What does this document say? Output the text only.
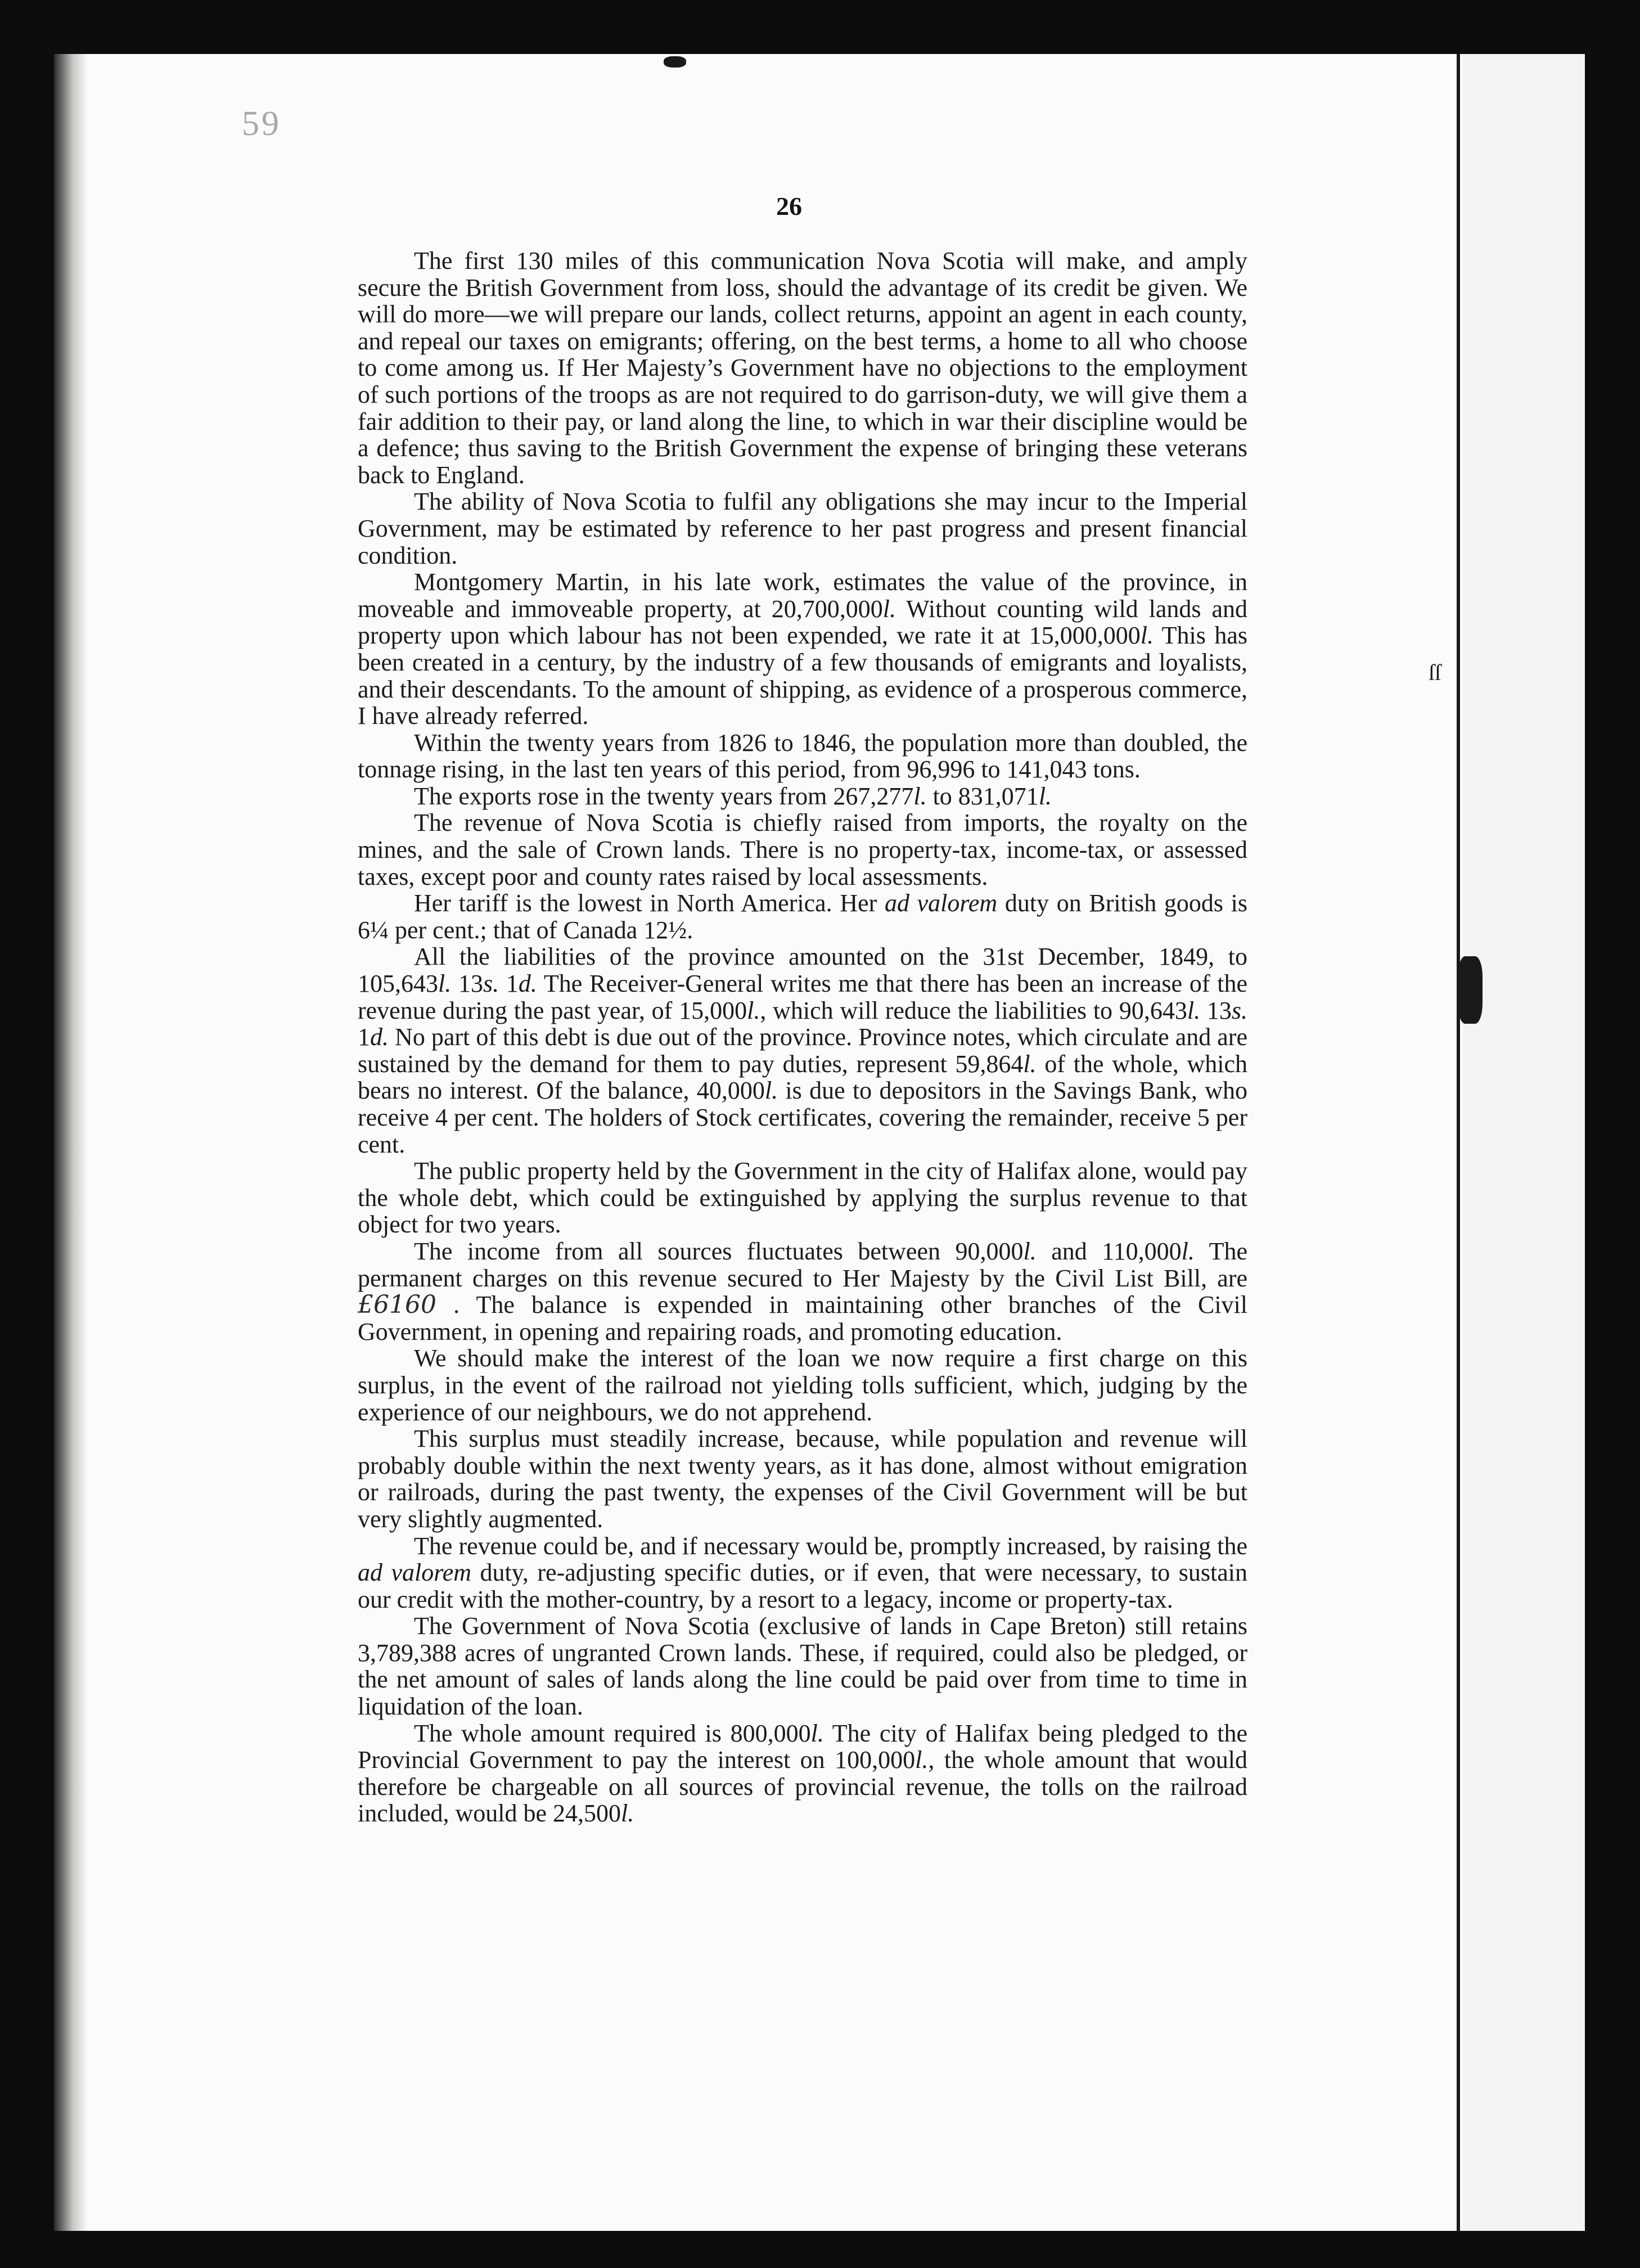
59

26

ſſ

The first 130 miles of this communication Nova Scotia will make, and amply secure the British Government from loss, should the advantage of its credit be given. We will do more—we will prepare our lands, collect returns, appoint an agent in each county, and repeal our taxes on emigrants; offering, on the best terms, a home to all who choose to come among us. If Her Majesty’s Government have no objections to the employment of such portions of the troops as are not required to do garrison-duty, we will give them a fair addition to their pay, or land along the line, to which in war their discipline would be a defence; thus saving to the British Government the expense of bringing these veterans back to England.

The ability of Nova Scotia to fulfil any obligations she may incur to the Imperial Government, may be estimated by reference to her past progress and present financial condition.

Montgomery Martin, in his late work, estimates the value of the province, in moveable and immoveable property, at 20,700,000l. Without counting wild lands and property upon which labour has not been expended, we rate it at 15,000,000l. This has been created in a century, by the industry of a few thousands of emigrants and loyalists, and their descendants. To the amount of shipping, as evidence of a prosperous commerce, I have already referred.

Within the twenty years from 1826 to 1846, the population more than doubled, the tonnage rising, in the last ten years of this period, from 96,996 to 141,043 tons.

The exports rose in the twenty years from 267,277l. to 831,071l.

The revenue of Nova Scotia is chiefly raised from imports, the royalty on the mines, and the sale of Crown lands. There is no property-tax, income-tax, or assessed taxes, except poor and county rates raised by local assessments.

Her tariff is the lowest in North America. Her ad valorem duty on British goods is 6¼ per cent.; that of Canada 12½.

All the liabilities of the province amounted on the 31st December, 1849, to 105,643l. 13s. 1d. The Receiver-General writes me that there has been an increase of the revenue during the past year, of 15,000l., which will reduce the liabilities to 90,643l. 13s. 1d. No part of this debt is due out of the province. Province notes, which circulate and are sustained by the demand for them to pay duties, represent 59,864l. of the whole, which bears no interest. Of the balance, 40,000l. is due to depositors in the Savings Bank, who receive 4 per cent. The holders of Stock certificates, covering the remainder, receive 5 per cent.

The public property held by the Government in the city of Halifax alone, would pay the whole debt, which could be extinguished by applying the surplus revenue to that object for two years.

The income from all sources fluctuates between 90,000l. and 110,000l. The permanent charges on this revenue secured to Her Majesty by the Civil List Bill, are £6160 . The balance is expended in maintaining other branches of the Civil Government, in opening and repairing roads, and promoting education.

We should make the interest of the loan we now require a first charge on this surplus, in the event of the railroad not yielding tolls sufficient, which, judging by the experience of our neighbours, we do not apprehend.

This surplus must steadily increase, because, while population and revenue will probably double within the next twenty years, as it has done, almost without emigration or railroads, during the past twenty, the expenses of the Civil Government will be but very slightly augmented.

The revenue could be, and if necessary would be, promptly increased, by raising the ad valorem duty, re-adjusting specific duties, or if even, that were necessary, to sustain our credit with the mother-country, by a resort to a legacy, income or property-tax.

The Government of Nova Scotia (exclusive of lands in Cape Breton) still retains 3,789,388 acres of ungranted Crown lands. These, if required, could also be pledged, or the net amount of sales of lands along the line could be paid over from time to time in liquidation of the loan.

The whole amount required is 800,000l. The city of Halifax being pledged to the Provincial Government to pay the interest on 100,000l., the whole amount that would therefore be chargeable on all sources of provincial revenue, the tolls on the railroad included, would be 24,500l.
